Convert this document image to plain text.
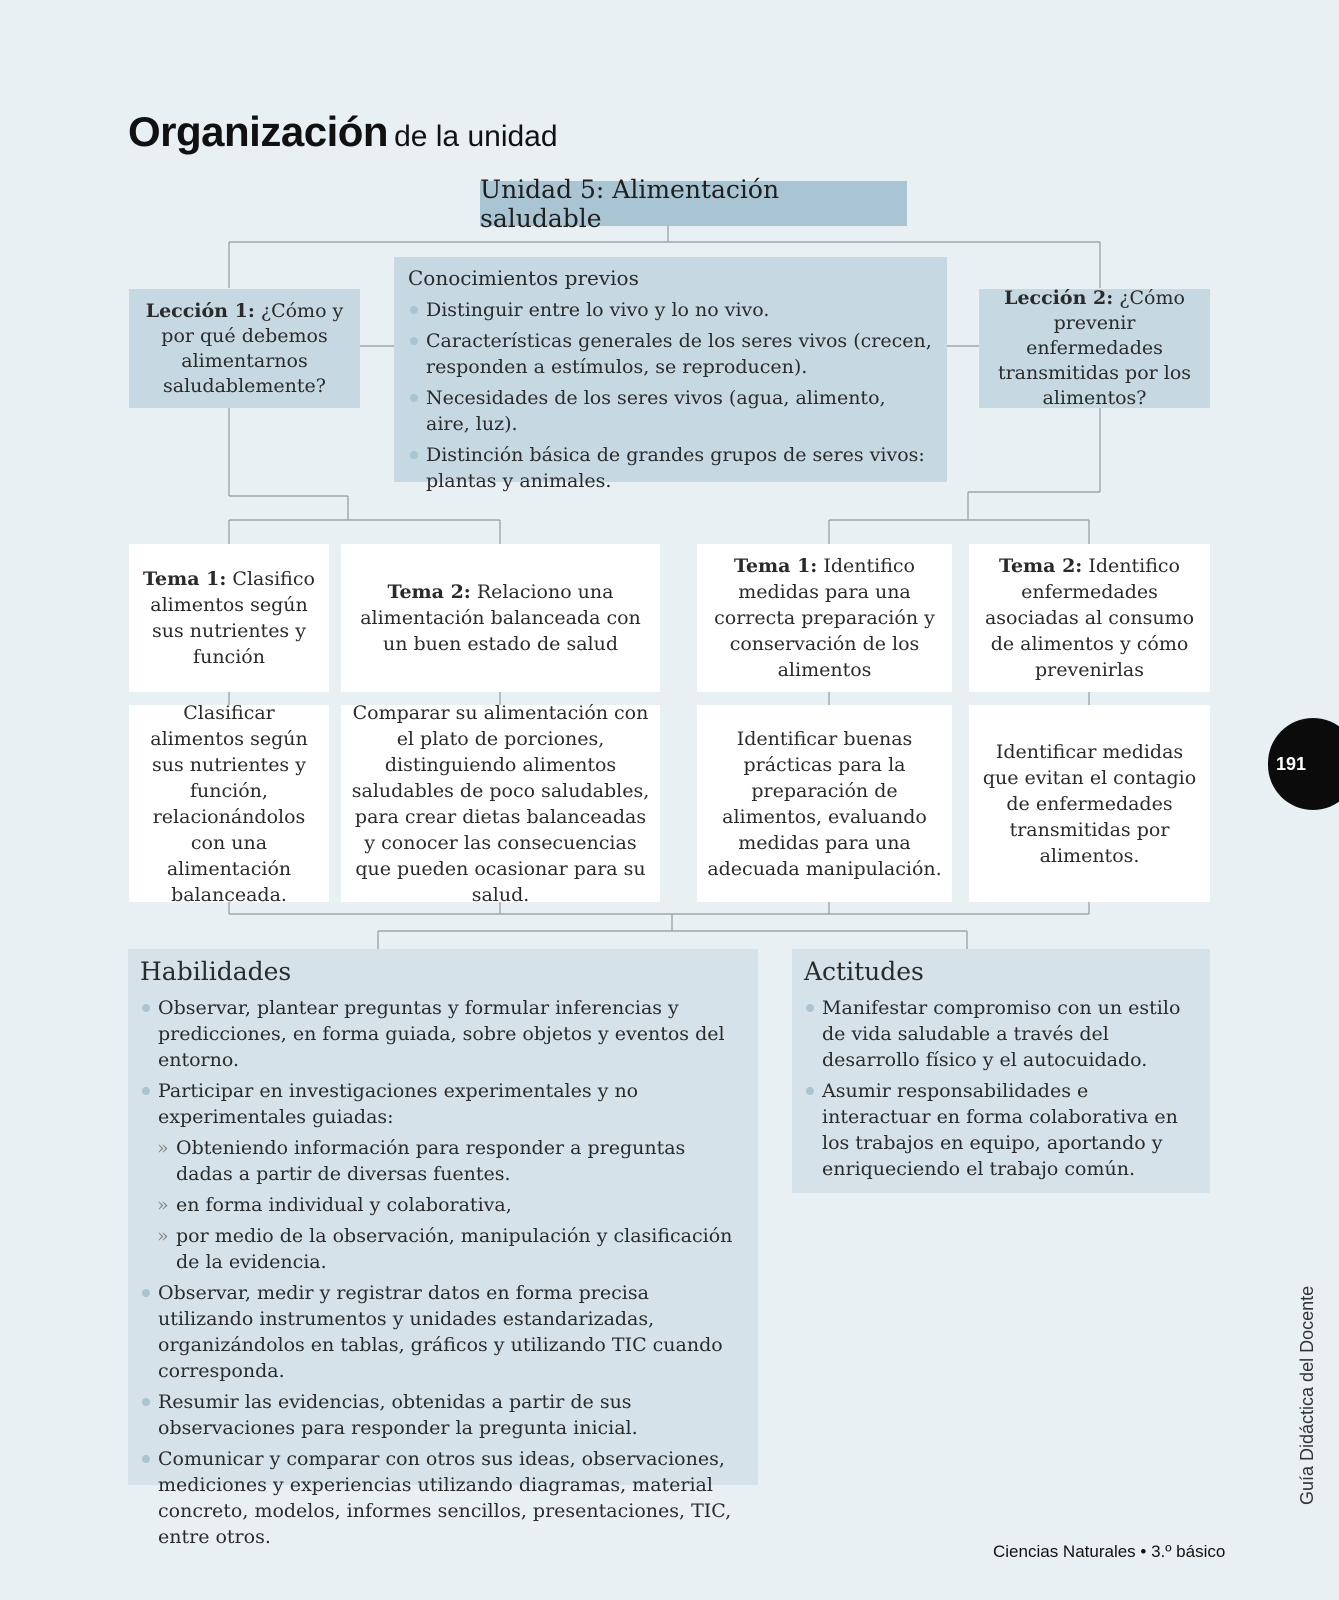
Organización de la unidad
Unidad 5: Alimentación saludable
Lección 1: ¿Cómo y por qué debemos alimentarnos saludablemente?
Conocimientos previos
Distinguir entre lo vivo y lo no vivo.
Características generales de los seres vivos (crecen, responden a estímulos, se reproducen).
Necesidades de los seres vivos (agua, alimento, aire, luz).
Distinción básica de grandes grupos de seres vivos: plantas y animales.
Lección 2: ¿Cómo prevenir enfermedades transmitidas por los alimentos?
Tema 1: Clasifico alimentos según sus nutrientes y función
Tema 2: Relaciono una alimentación balanceada con un buen estado de salud
Tema 1: Identifico medidas para una correcta preparación y conservación de los alimentos
Tema 2: Identifico enfermedades asociadas al consumo de alimentos y cómo prevenirlas
Clasificar alimentos según sus nutrientes y función, relacionándolos con una alimentación balanceada.
Comparar su alimentación con el plato de porciones, distinguiendo alimentos saludables de poco saludables, para crear dietas balanceadas y conocer las consecuencias que pueden ocasionar para su salud.
Identificar buenas prácticas para la preparación de alimentos, evaluando medidas para una adecuada manipulación.
Identificar medidas que evitan el contagio de enfermedades transmitidas por alimentos.
Habilidades
Observar, plantear preguntas y formular inferencias y predicciones, en forma guiada, sobre objetos y eventos del entorno.
Participar en investigaciones experimentales y no experimentales guiadas:
» Obteniendo información para responder a preguntas dadas a partir de diversas fuentes.
» en forma individual y colaborativa,
» por medio de la observación, manipulación y clasificación de la evidencia.
Observar, medir y registrar datos en forma precisa utilizando instrumentos y unidades estandarizadas, organizándolos en tablas, gráficos y utilizando TIC cuando corresponda.
Resumir las evidencias, obtenidas a partir de sus observaciones para responder la pregunta inicial.
Comunicar y comparar con otros sus ideas, observaciones, mediciones y experiencias utilizando diagramas, material concreto, modelos, informes sencillos, presentaciones, TIC, entre otros.
Actitudes
Manifestar compromiso con un estilo de vida saludable a través del desarrollo físico y el autocuidado.
Asumir responsabilidades e interactuar en forma colaborativa en los trabajos en equipo, aportando y enriqueciendo el trabajo común.
191
Guía Didáctica del Docente
Ciencias Naturales • 3.º básico
